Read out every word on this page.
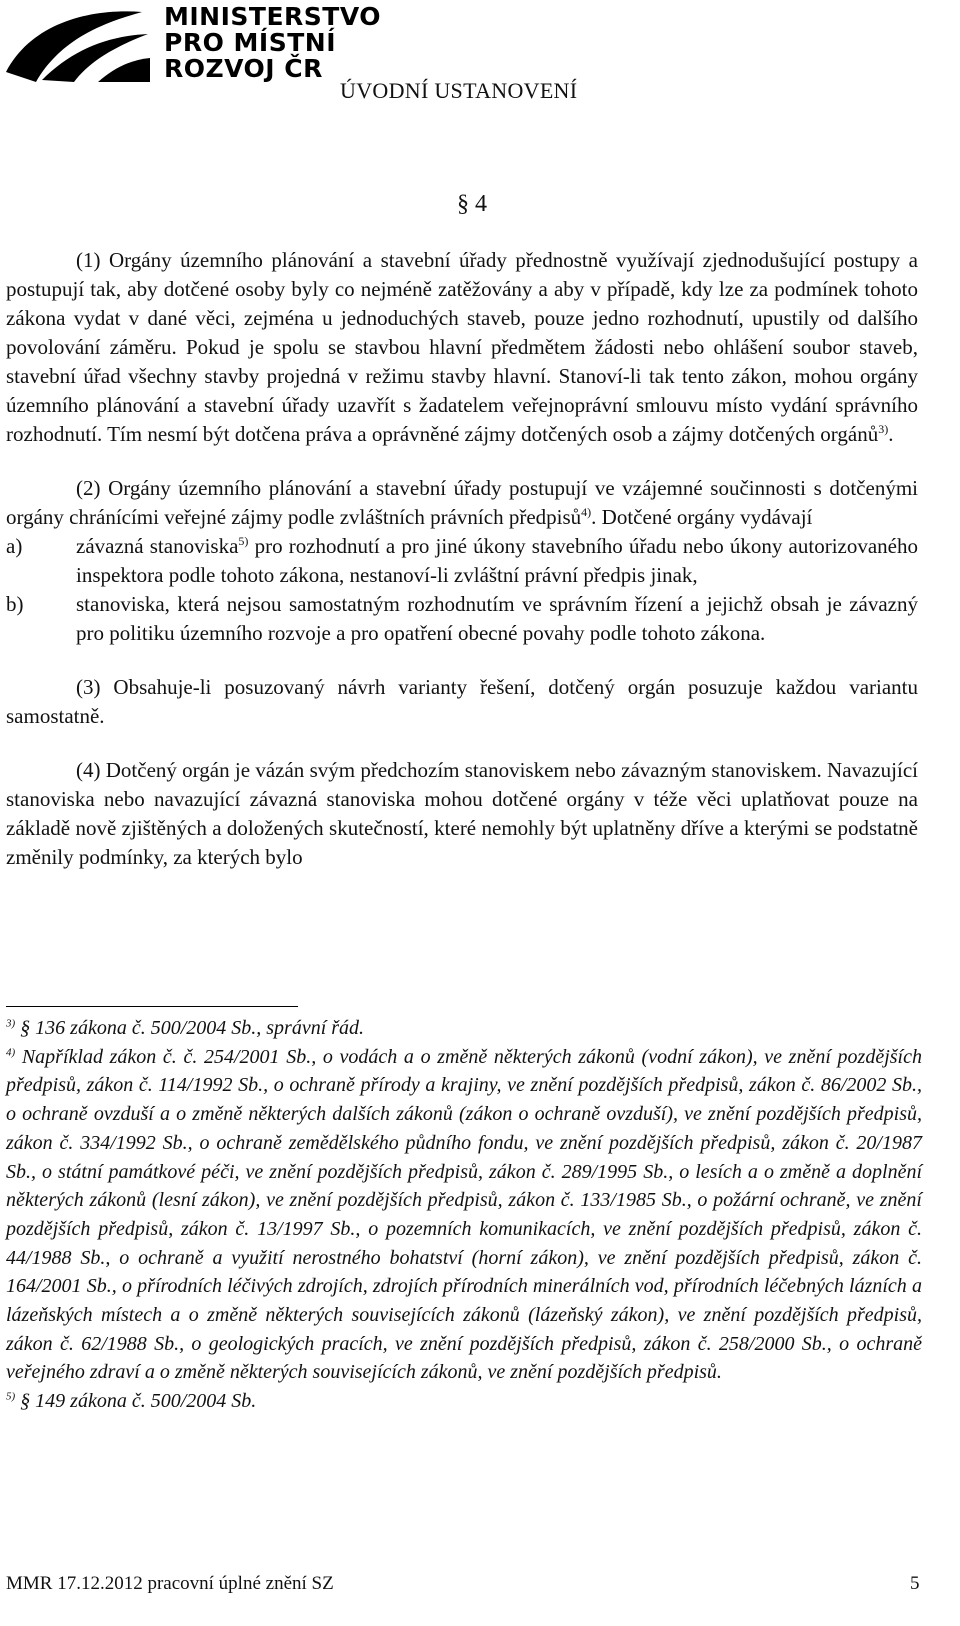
MINISTERSTVO
PRO MÍSTNÍ
ROZVOJ ČR
ÚVODNÍ USTANOVENÍ
§ 4

(1) Orgány územního plánování a stavební úřady přednostně využívají zjednodušující postupy a postupují tak, aby dotčené osoby byly co nejméně zatěžovány a aby v případě, kdy lze za podmínek tohoto zákona vydat v dané věci, zejména u jednoduchých staveb, pouze jedno rozhodnutí, upustily od dalšího povolování záměru. Pokud je spolu se stavbou hlavní předmětem žádosti nebo ohlášení soubor staveb, stavební úřad všechny stavby projedná v režimu stavby hlavní. Stanoví-li tak tento zákon, mohou orgány územního plánování a stavební úřady uzavřít s žadatelem veřejnoprávní smlouvu místo vydání správního rozhodnutí. Tím nesmí být dotčena práva a oprávněné zájmy dotčených osob a zájmy dotčených orgánů$^{3)}$.

(2) Orgány územního plánování a stavební úřady postupují ve vzájemné součinnosti s dotčenými orgány chránícími veřejné zájmy podle zvláštních právních předpisů$^{4)}$. Dotčené orgány vydávají

a)	závazná stanoviska$^{5)}$ pro rozhodnutí a pro jiné úkony stavebního úřadu nebo úkony autorizovaného inspektora podle tohoto zákona, nestanoví-li zvláštní právní předpis jinak,
b)	stanoviska, která nejsou samostatným rozhodnutím ve správním řízení a jejichž obsah je závazný pro politiku územního rozvoje a pro opatření obecné povahy podle tohoto zákona.

(3) Obsahuje-li posuzovaný návrh varianty řešení, dotčený orgán posuzuje každou variantu samostatně.

(4) Dotčený orgán je vázán svým předchozím stanoviskem nebo závazným stanoviskem. Navazující stanoviska nebo navazující závazná stanoviska mohou dotčené orgány v téže věci uplatňovat pouze na základě nově zjištěných a doložených skutečností, které nemohly být uplatněny dříve a kterými se podstatně změnily podmínky, za kterých bylo

$^{3)}$ § 136 zákona č. 500/2004 Sb., správní řád.

$^{4)}$ Například zákon č. č. 254/2001 Sb., o vodách a o změně některých zákonů (vodní zákon), ve znění pozdějších předpisů, zákon č. 114/1992 Sb., o ochraně přírody a krajiny, ve znění pozdějších předpisů, zákon č. 86/2002 Sb., o ochraně ovzduší a o změně některých dalších zákonů (zákon o ochraně ovzduší), ve znění pozdějších předpisů, zákon č. 334/1992 Sb., o ochraně zemědělského půdního fondu, ve znění pozdějších předpisů, zákon č. 20/1987 Sb., o státní památkové péči, ve znění pozdějších předpisů, zákon č. 289/1995 Sb., o lesích a o změně a doplnění některých zákonů (lesní zákon), ve znění pozdějších předpisů, zákon č. 133/1985 Sb., o požární ochraně, ve znění pozdějších předpisů, zákon č. 13/1997 Sb., o pozemních komunikacích, ve znění pozdějších předpisů, zákon č. 44/1988 Sb., o ochraně a využití nerostného bohatství (horní zákon), ve znění pozdějších předpisů, zákon č. 164/2001 Sb., o přírodních léčivých zdrojích, zdrojích přírodních minerálních vod, přírodních léčebných lázních a lázeňských místech a o změně některých souvisejících zákonů (lázeňský zákon), ve znění pozdějších předpisů, zákon č. 62/1988 Sb., o geologických pracích, ve znění pozdějších předpisů, zákon č. 258/2000 Sb., o ochraně veřejného zdraví a o změně některých souvisejících zákonů, ve znění pozdějších předpisů.

$^{5)}$ § 149 zákona č. 500/2004 Sb.

MMR 17.12.2012 pracovní úplné znění SZ	5
